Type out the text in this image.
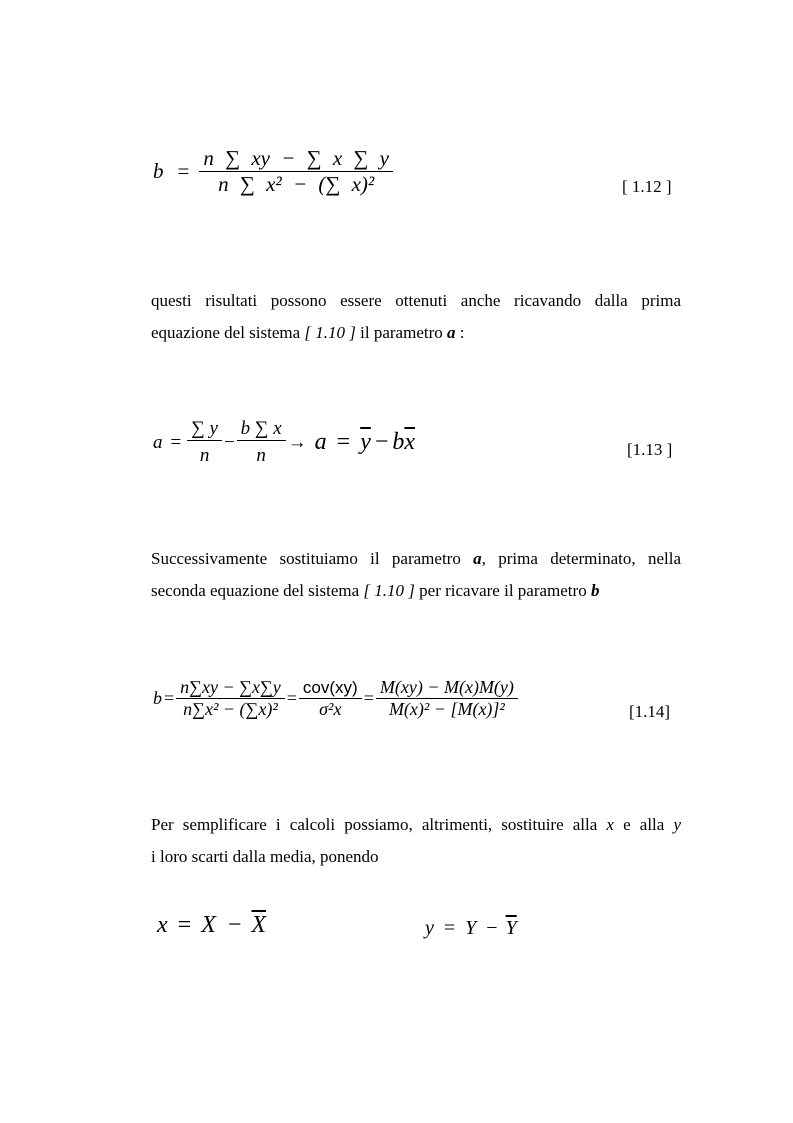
$b = \frac{n \sum xy - \sum x \sum y}{\text{n ∑ x² − (∑ x)²}}$	[ 1.12 ]
questi risultati possono essere ottenuti anche ricavando dalla prima
equazione del sistema [ 1.10 ] il parametro a :
$a = \frac{\sum y}{n} - \frac{b \sum x}{n} \to a = \overline{y} - b$ $\overline{x}$	[1.13 ]
Successivamente sostituiamo il parametro a, prima determinato, nella
seconda equazione del sistema [ 1.10 ] per ricavare il parametro b
$b = \frac{n\sum xy - \sum x\sum y}{\text{n∑x² − (∑x)²}} = \frac{\text{cov(xy)}}{\text{σ²x}} = \frac{M(xy) - M(x)M(y)}{\text{M(x)² − [M(x)]²}}$	[1.14]
Per semplificare i calcoli possiamo, altrimenti, sostituire alla x e alla y
i loro scarti dalla media, ponendo
$x = X - \overline{X}$	$y = Y - \overline{Y}$
